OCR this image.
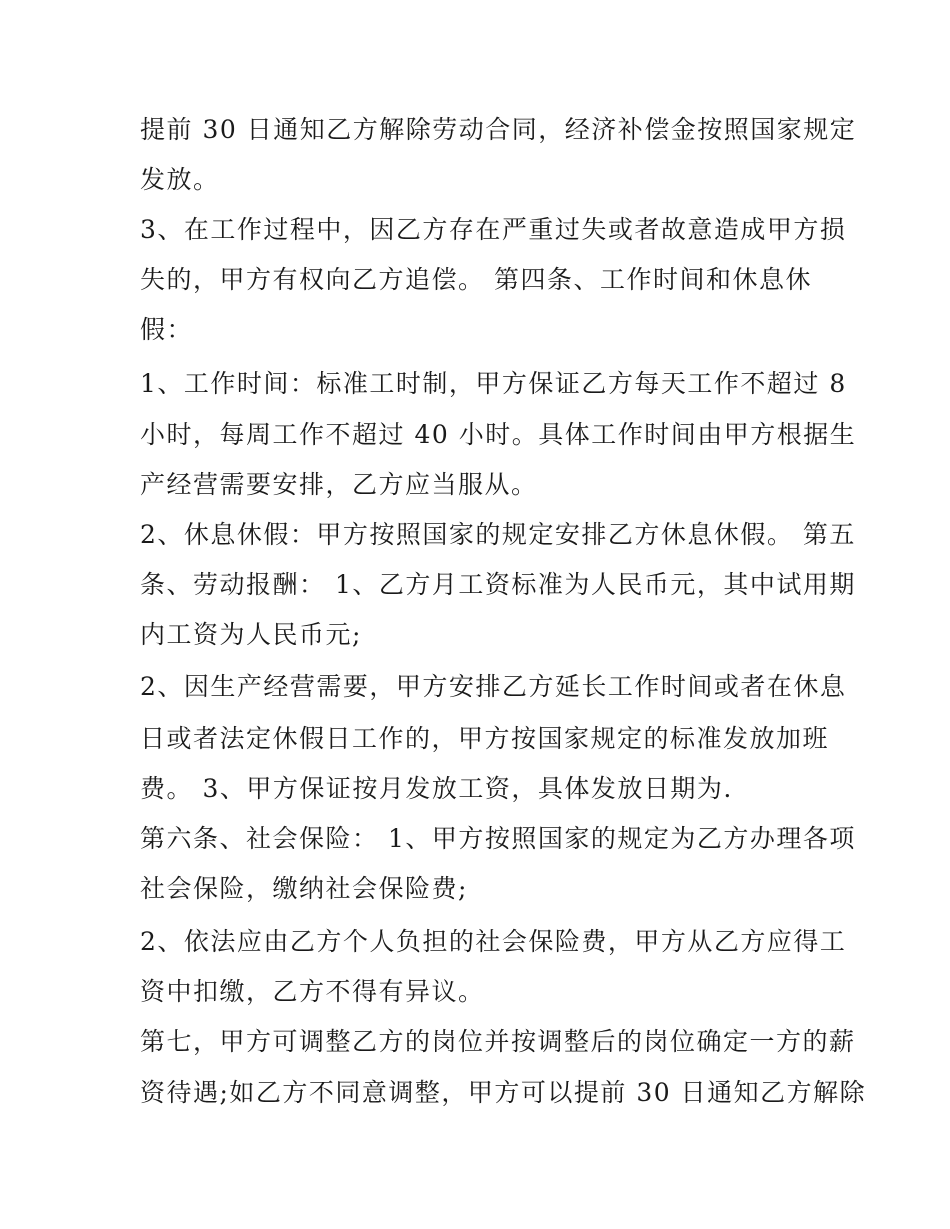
提前 30 日通知乙方解除劳动合同，经济补偿金按照国家规定
发放。
3、在工作过程中，因乙方存在严重过失或者故意造成甲方损
失的，甲方有权向乙方追偿。 第四条、工作时间和休息休
假：
1、工作时间：标准工时制，甲方保证乙方每天工作不超过 8
小时，每周工作不超过 40 小时。具体工作时间由甲方根据生
产经营需要安排，乙方应当服从。
2、休息休假：甲方按照国家的规定安排乙方休息休假。 第五
条、劳动报酬： 1、乙方月工资标准为人民币元，其中试用期
内工资为人民币元;
2、因生产经营需要，甲方安排乙方延长工作时间或者在休息
日或者法定休假日工作的，甲方按国家规定的标准发放加班
费。 3、甲方保证按月发放工资，具体发放日期为.
第六条、社会保险： 1、甲方按照国家的规定为乙方办理各项
社会保险，缴纳社会保险费;
2、依法应由乙方个人负担的社会保险费，甲方从乙方应得工
资中扣缴，乙方不得有异议。
第七，甲方可调整乙方的岗位并按调整后的岗位确定一方的薪
资待遇;如乙方不同意调整，甲方可以提前 30 日通知乙方解除
